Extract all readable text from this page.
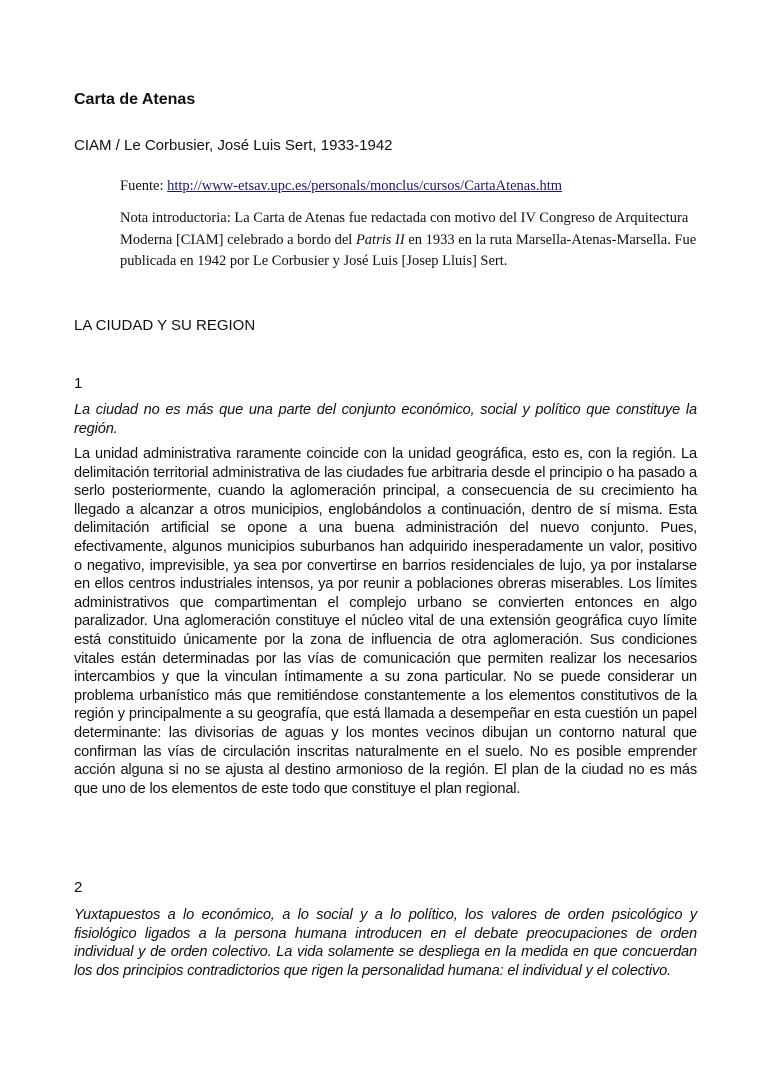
Carta de Atenas

CIAM / Le Corbusier, José Luis Sert, 1933-1942

Fuente: http://www-etsav.upc.es/personals/monclus/cursos/CartaAtenas.htm

Nota introductoria: La Carta de Atenas fue redactada con motivo del IV Congreso de Arquitectura Moderna [CIAM] celebrado a bordo del Patris II en 1933 en la ruta Marsella-Atenas-Marsella. Fue publicada en 1942 por Le Corbusier y José Luis [Josep Lluis] Sert.

LA CIUDAD Y SU REGION

1

La ciudad no es más que una parte del conjunto económico, social y político que constituye la región.

La unidad administrativa raramente coincide con la unidad geográfica, esto es, con la región. La delimitación territorial administrativa de las ciudades fue arbitraria desde el principio o ha pasado a serlo posteriormente, cuando la aglomeración principal, a consecuencia de su crecimiento ha llegado a alcanzar a otros municipios, englobándolos a continuación, dentro de sí misma. Esta delimitación artificial se opone a una buena administración del nuevo conjunto. Pues, efectivamente, algunos municipios suburbanos han adquirido inesperadamente un valor, positivo o negativo, imprevisible, ya sea por convertirse en barrios residenciales de lujo, ya por instalarse en ellos centros industriales intensos, ya por reunir a poblaciones obreras miserables. Los límites administrativos que compartimentan el complejo urbano se convierten entonces en algo paralizador. Una aglomeración constituye el núcleo vital de una extensión geográfica cuyo límite está constituido únicamente por la zona de influencia de otra aglomeración. Sus condiciones vitales están determinadas por las vías de comunicación que permiten realizar los necesarios intercambios y que la vinculan íntimamente a su zona particular. No se puede considerar un problema urbanístico más que remitiéndose constantemente a los elementos constitutivos de la región y principalmente a su geografía, que está llamada a desempeñar en esta cuestión un papel determinante: las divisorias de aguas y los montes vecinos dibujan un contorno natural que confirman las vías de circulación inscritas naturalmente en el suelo. No es posible emprender acción alguna si no se ajusta al destino armonioso de la región. El plan de la ciudad no es más que uno de los elementos de este todo que constituye el plan regional.

2

Yuxtapuestos a lo económico, a lo social y a lo político, los valores de orden psicológico y fisiológico ligados a la persona humana introducen en el debate preocupaciones de orden individual y de orden colectivo. La vida solamente se despliega en la medida en que concuerdan los dos principios contradictorios que rigen la personalidad humana: el individual y el colectivo.
